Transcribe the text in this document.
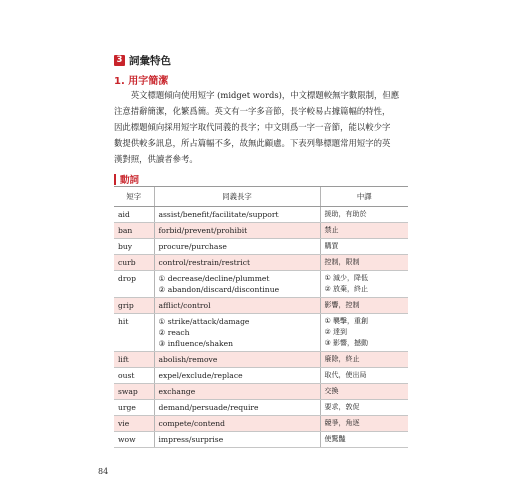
3 詞彙特色
1. 用字簡潔

　　英文標題傾向使用短字 (midget words)，中文標題較無字數限制，但應
注意措辭簡潔，化繁爲簡。英文有一字多音節，長字較易占據篇幅的特性，
因此標題傾向採用短字取代同義的長字；中文則爲一字一音節，能以較少字
數提供較多訊息，所占篇幅不多，故無此顧慮。下表列舉標題常用短字的英
漢對照，供讀者參考。

動詞
短字	同義長字	中譯
aid	assist/benefit/facilitate/support	援助，有助於

ban	forbid/prevent/prohibit	禁止

buy	procure/purchase	購買

curb	control/restrain/restrict	控制，限制

drop	① decrease/decline/plummet
② abandon/discard/discontinue	① 減少，降低
② 放棄，終止

grip	afflict/control	影響，控制

hit	① strike/attack/damage
② reach
③ influence/shaken	① 襲擊，重創
② 達到
③ 影響，撼動

lift	abolish/remove	廢除，終止

oust	expel/exclude/replace	取代，使出局

swap	exchange	交換

urge	demand/persuade/require	要求，敦促

vie	compete/contend	競爭，角逐

wow	impress/surprise	使驚豔
84
